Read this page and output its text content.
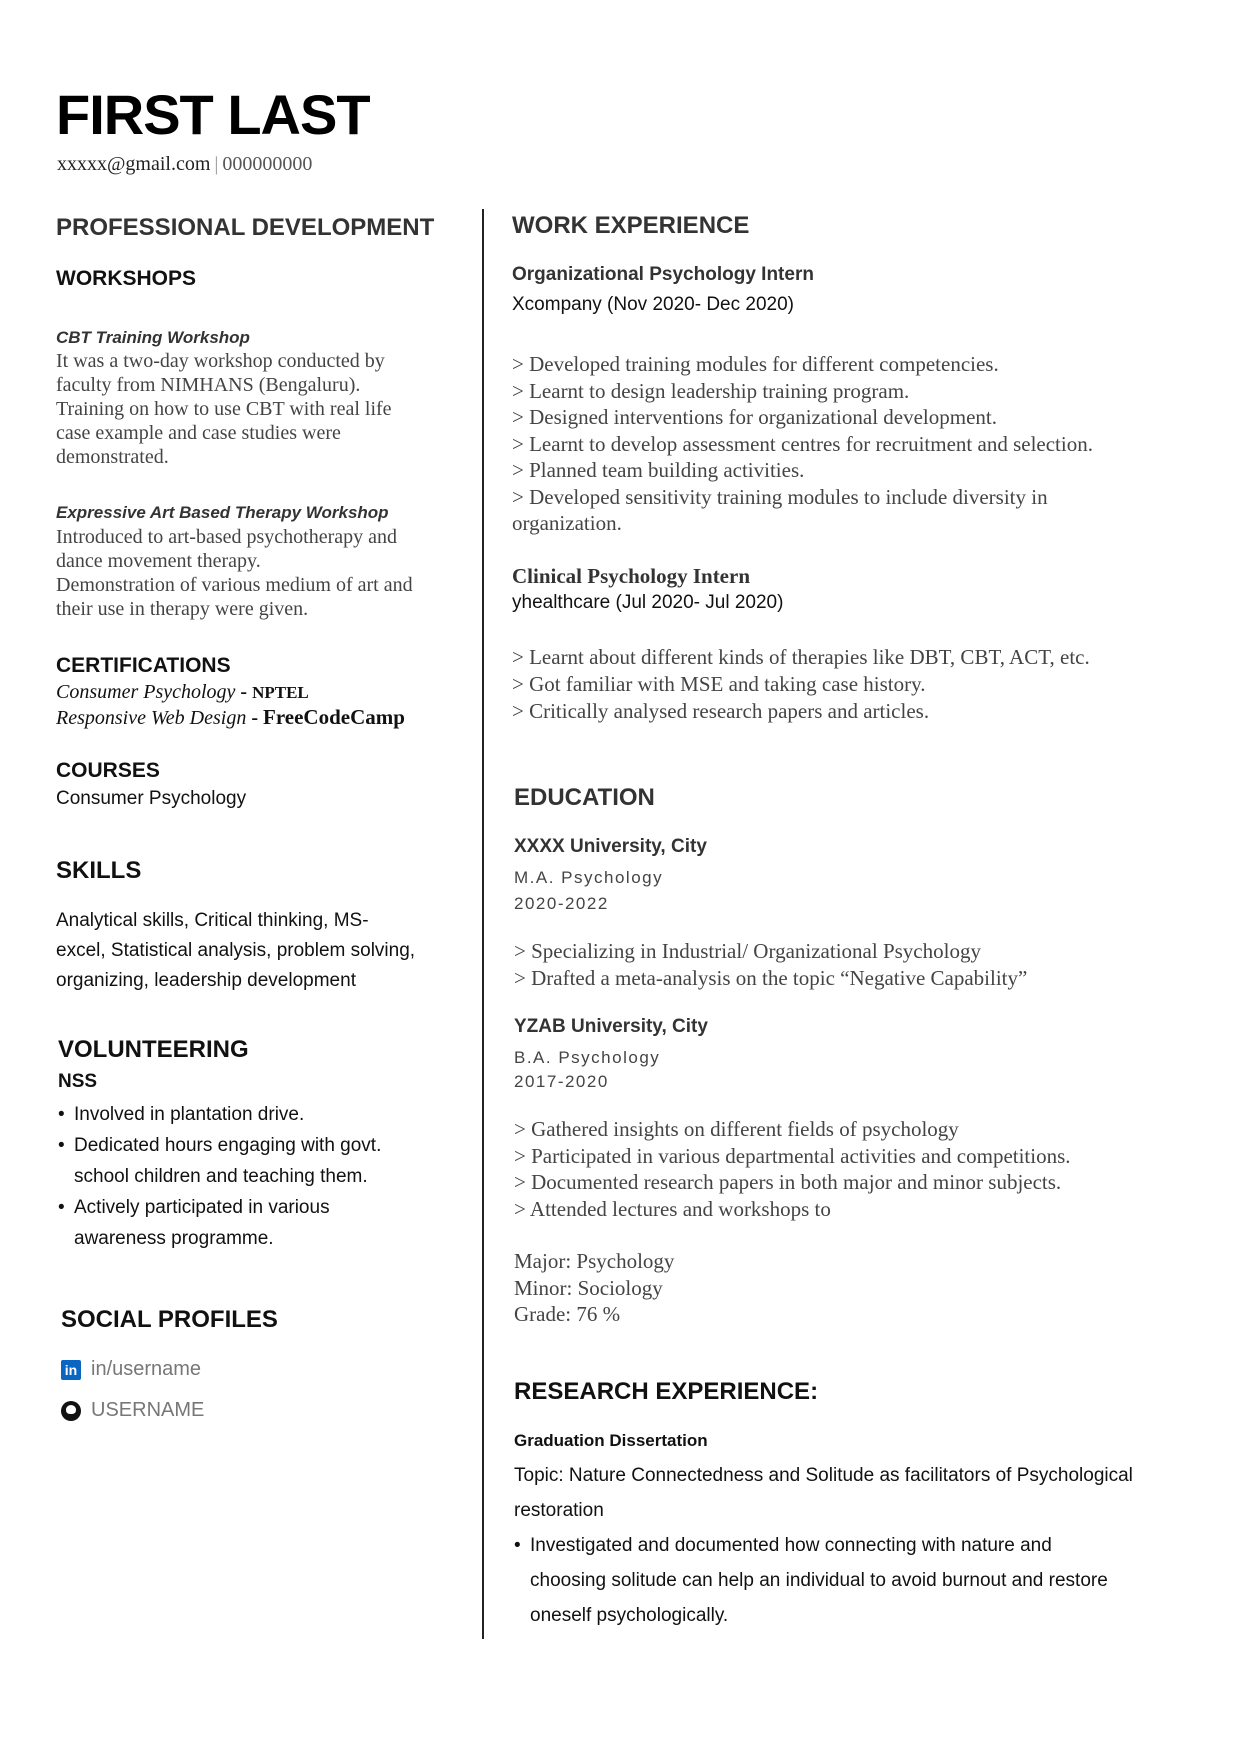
FIRST LAST
xxxxx@gmail.com | 000000000
PROFESSIONAL DEVELOPMENT
WORKSHOPS
CBT Training Workshop
It was a two-day workshop conducted by
faculty from NIMHANS (Bengaluru).
Training on how to use CBT with real life
case example and case studies were
demonstrated.
Expressive Art Based Therapy Workshop
Introduced to art-based psychotherapy and
dance movement therapy.
Demonstration of various medium of art and
their use in therapy were given.
CERTIFICATIONS
Consumer Psychology - NPTEL
Responsive Web Design - FreeCodeCamp
COURSES
Consumer Psychology
SKILLS
Analytical skills, Critical thinking, MS-
excel, Statistical analysis, problem solving,
organizing, leadership development
VOLUNTEERING
NSS
• Involved in plantation drive.
• Dedicated hours engaging with govt.
school children and teaching them.
• Actively participated in various
awareness programme.
SOCIAL PROFILES
in in/username
USERNAME
WORK EXPERIENCE
Organizational Psychology Intern
Xcompany (Nov 2020- Dec 2020)
> Developed training modules for different competencies.
> Learnt to design leadership training program.
> Designed interventions for organizational development.
> Learnt to develop assessment centres for recruitment and selection.
> Planned team building activities.
> Developed sensitivity training modules to include diversity in
organization.
Clinical Psychology Intern
yhealthcare (Jul 2020- Jul 2020)
> Learnt about different kinds of therapies like DBT, CBT, ACT, etc.
> Got familiar with MSE and taking case history.
> Critically analysed research papers and articles.
EDUCATION
XXXX University, City
M.A. Psychology
2020-2022
> Specializing in Industrial/ Organizational Psychology
> Drafted a meta-analysis on the topic “Negative Capability”
YZAB University, City
B.A. Psychology
2017-2020
> Gathered insights on different fields of psychology
> Participated in various departmental activities and competitions.
> Documented research papers in both major and minor subjects.
> Attended lectures and workshops to
Major: Psychology
Minor: Sociology
Grade: 76 %
RESEARCH EXPERIENCE:
Graduation Dissertation
Topic: Nature Connectedness and Solitude as facilitators of Psychological
restoration
• Investigated and documented how connecting with nature and
choosing solitude can help an individual to avoid burnout and restore
oneself psychologically.
